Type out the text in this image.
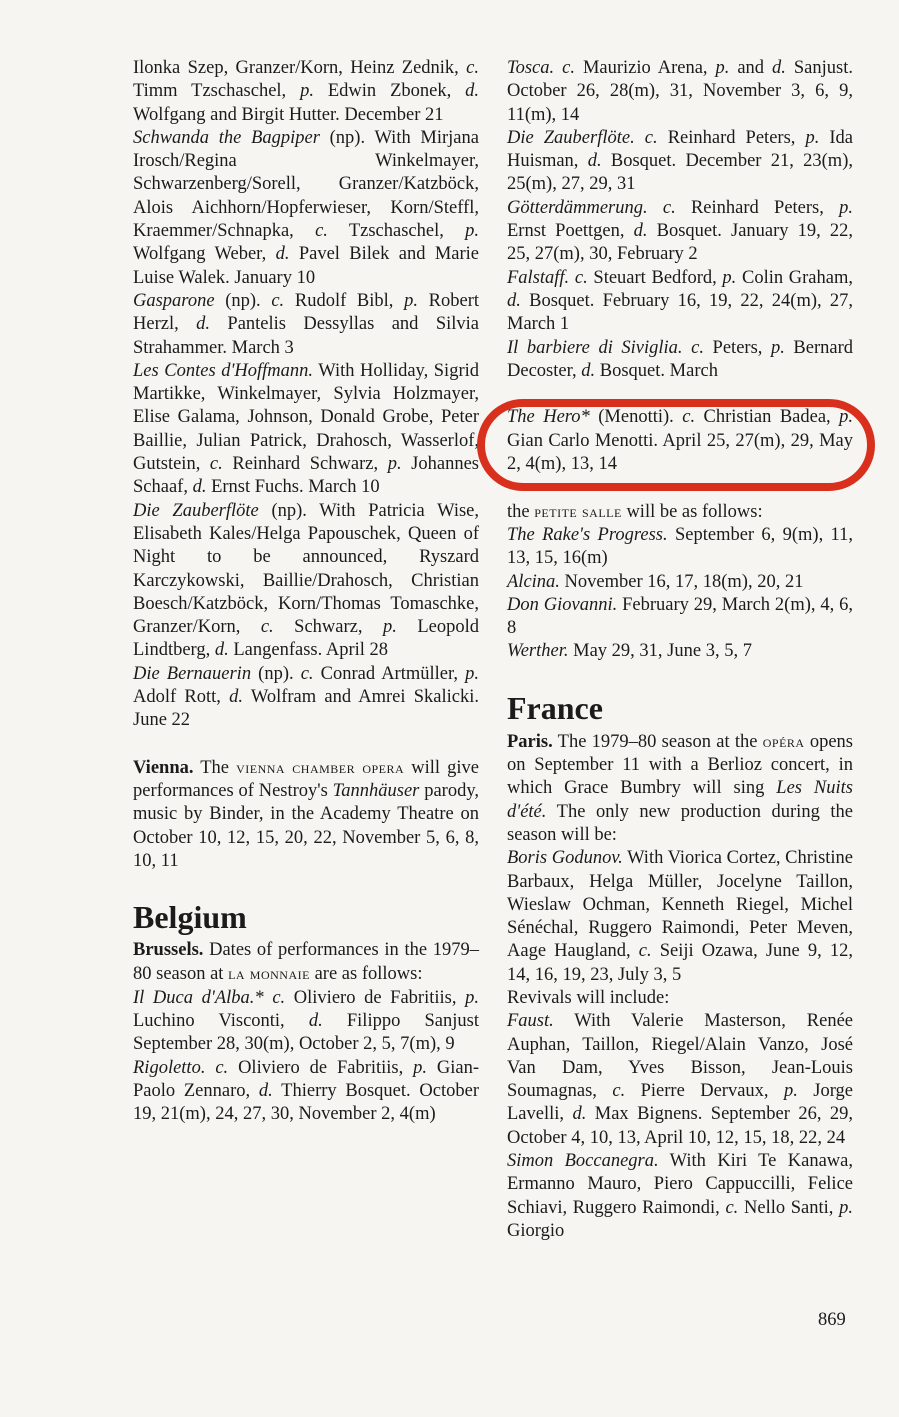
Ilonka Szep, Granzer/Korn, Heinz Zednik, c. Timm Tzschaschel, p. Edwin Zbonek, d. Wolfgang and Birgit Hutter. December 21

Schwanda the Bagpiper (np). With Mirjana Irosch/Regina Winkelmayer, Schwarzenberg/Sorell, Granzer/Katzböck, Alois Aichhorn/Hopferwieser, Korn/Steffl, Kraemmer/Schnapka, c. Tzschaschel, p. Wolfgang Weber, d. Pavel Bilek and Marie Luise Walek. January 10

Gasparone (np). c. Rudolf Bibl, p. Robert Herzl, d. Pantelis Dessyllas and Silvia Strahammer. March 3

Les Contes d'Hoffmann. With Holliday, Sigrid Martikke, Winkelmayer, Sylvia Holzmayer, Elise Galama, Johnson, Donald Grobe, Peter Baillie, Julian Patrick, Drahosch, Wasserlof, Gutstein, c. Reinhard Schwarz, p. Johannes Schaaf, d. Ernst Fuchs. March 10

Die Zauberflöte (np). With Patricia Wise, Elisabeth Kales/Helga Papouschek, Queen of Night to be announced, Ryszard Karczykowski, Baillie/Drahosch, Christian Boesch/Katzböck, Korn/Thomas Tomaschke, Granzer/Korn, c. Schwarz, p. Leopold Lindtberg, d. Langenfass. April 28

Die Bernauerin (np). c. Conrad Artmüller, p. Adolf Rott, d. Wolfram and Amrei Skalicki. June 22

Vienna. The vienna chamber opera will give performances of Nestroy's Tannhäuser parody, music by Binder, in the Academy Theatre on October 10, 12, 15, 20, 22, November 5, 6, 8, 10, 11

Belgium

Brussels. Dates of performances in the 1979–80 season at la monnaie are as follows:

Il Duca d'Alba.* c. Oliviero de Fabritiis, p. Luchino Visconti, d. Filippo Sanjust September 28, 30(m), October 2, 5, 7(m), 9

Rigoletto. c. Oliviero de Fabritiis, p. Gian-Paolo Zennaro, d. Thierry Bosquet. October 19, 21(m), 24, 27, 30, November 2, 4(m)

Tosca. c. Maurizio Arena, p. and d. Sanjust. October 26, 28(m), 31, November 3, 6, 9, 11(m), 14

Die Zauberflöte. c. Reinhard Peters, p. Ida Huisman, d. Bosquet. December 21, 23(m), 25(m), 27, 29, 31

Götterdämmerung. c. Reinhard Peters, p. Ernst Poettgen, d. Bosquet. January 19, 22, 25, 27(m), 30, February 2

Falstaff. c. Steuart Bedford, p. Colin Graham, d. Bosquet. February 16, 19, 22, 24(m), 27, March 1

Il barbiere di Siviglia. c. Peters, p. Bernard Decoster, d. Bosquet. March

The Hero* (Menotti). c. Christian Badea, p. Gian Carlo Menotti. April 25, 27(m), 29, May 2, 4(m), 13, 14

the petite salle will be as follows:

The Rake's Progress. September 6, 9(m), 11, 13, 15, 16(m)

Alcina. November 16, 17, 18(m), 20, 21

Don Giovanni. February 29, March 2(m), 4, 6, 8

Werther. May 29, 31, June 3, 5, 7

France

Paris. The 1979–80 season at the opéra opens on September 11 with a Berlioz concert, in which Grace Bumbry will sing Les Nuits d'été. The only new production during the season will be:

Boris Godunov. With Viorica Cortez, Christine Barbaux, Helga Müller, Jocelyne Taillon, Wieslaw Ochman, Kenneth Riegel, Michel Sénéchal, Ruggero Raimondi, Peter Meven, Aage Haugland, c. Seiji Ozawa, June 9, 12, 14, 16, 19, 23, July 3, 5

Revivals will include:

Faust. With Valerie Masterson, Renée Auphan, Taillon, Riegel/Alain Vanzo, José Van Dam, Yves Bisson, Jean-Louis Soumagnas, c. Pierre Dervaux, p. Jorge Lavelli, d. Max Bignens. September 26, 29, October 4, 10, 13, April 10, 12, 15, 18, 22, 24

Simon Boccanegra. With Kiri Te Kanawa, Ermanno Mauro, Piero Cappuccilli, Felice Schiavi, Ruggero Raimondi, c. Nello Santi, p. Giorgio

869
